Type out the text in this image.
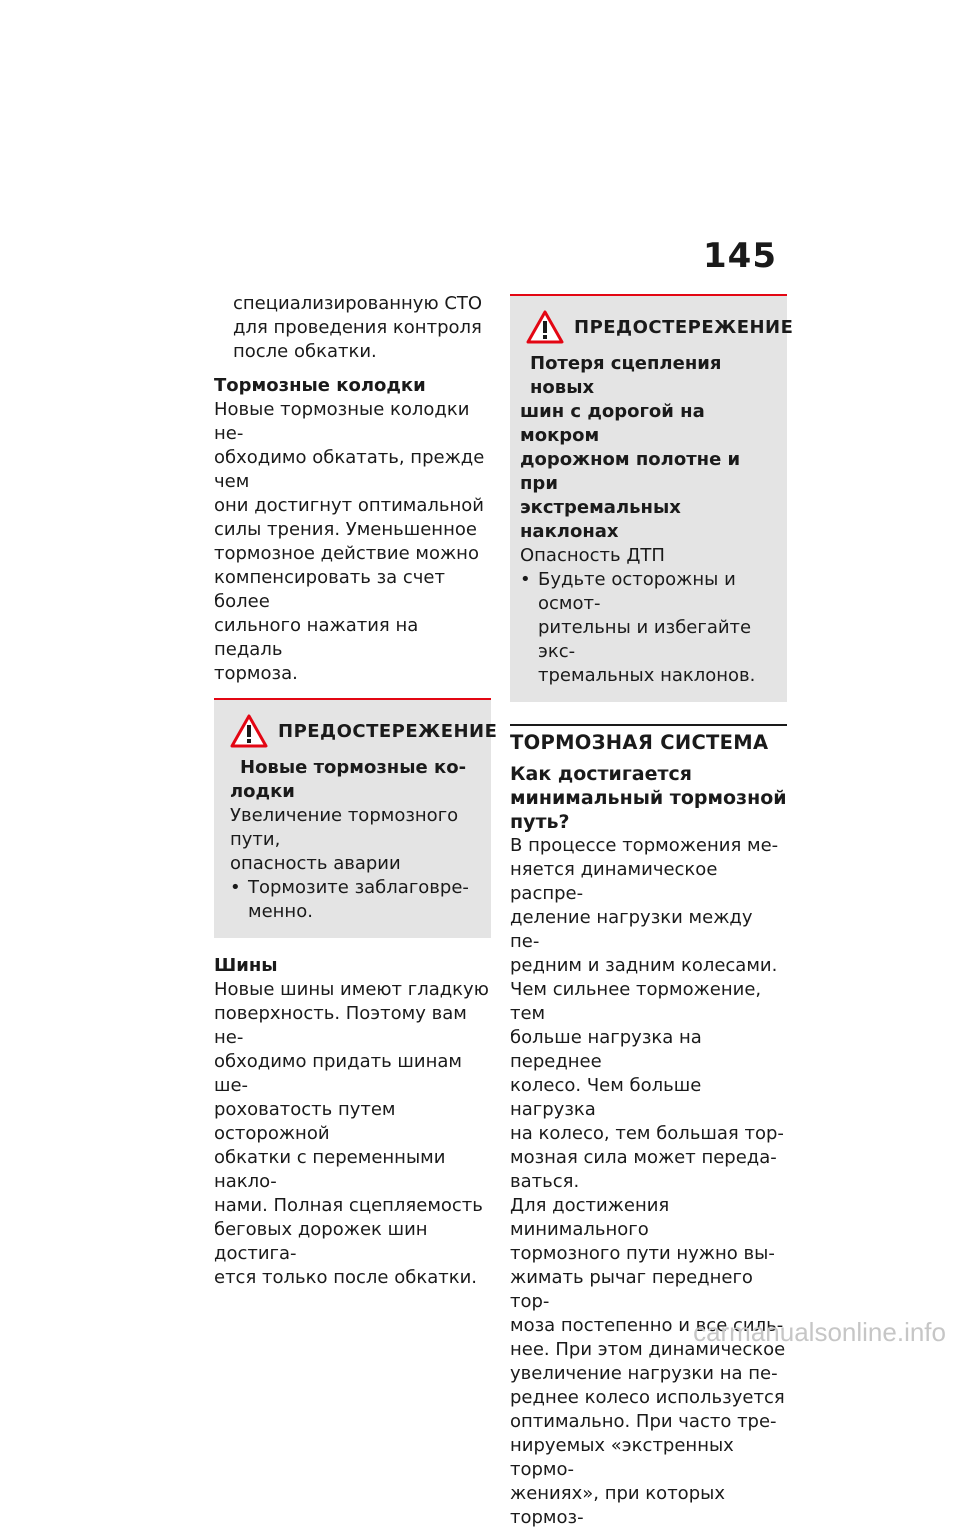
145

специализированную СТО

для проведения контроля

после обкатки.

Тормозные колодки

Новые тормозные колодки не-

обходимо обкатать, прежде чем

они достигнут оптимальной

силы трения. Уменьшенное

тормозное действие можно

компенсировать за счет более

сильного нажатия на педаль

тормоза.

ПРЕДОСТЕРЕЖЕНИЕ

Новые тормозные ко-

лодки

Увеличение тормозного пути,

опасность аварии

• Тормозите заблаговре-
менно.

Шины

Новые шины имеют гладкую

поверхность. Поэтому вам не-

обходимо придать шинам ше-

роховатость путем осторожной

обкатки с переменными накло-

нами. Полная сцепляемость

беговых дорожек шин достига-

ется только после обкатки.

ПРЕДОСТЕРЕЖЕНИЕ

Потеря сцепления новых

шин с дорогой на мокром

дорожном полотне и при

экстремальных наклонах

Опасность ДТП

• Будьте осторожны и осмот-
рительны и избегайте экс-
тремальных наклонов.

ТОРМОЗНАЯ СИСТЕМА

Как достигается

минимальный тормозной

путь?

В процессе торможения ме-

няется динамическое распре-

деление нагрузки между пе-

редним и задним колесами.

Чем сильнее торможение, тем

больше нагрузка на переднее

колесо. Чем больше нагрузка

на колесо, тем большая тор-

мозная сила может переда-

ваться.

Для достижения минимального

тормозного пути нужно вы-

жимать рычаг переднего тор-

моза постепенно и все силь-

нее. При этом динамическое

увеличение нагрузки на пе-

реднее колесо используется

оптимально. При часто тре-

нируемых «экстренных тормо-

жениях», при которых тормоз-

carmanualsonline.info
